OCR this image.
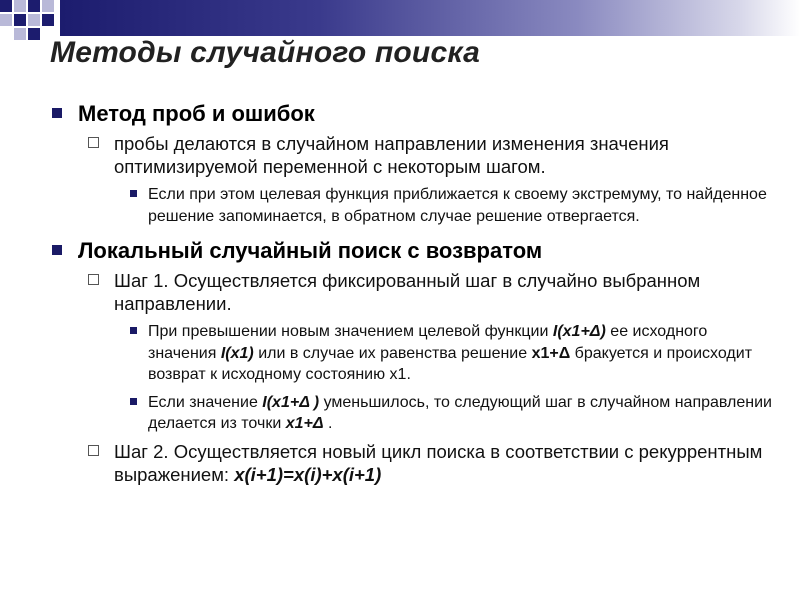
Методы случайного поиска
Метод проб и ошибок
пробы делаются в случайном направлении изменения значения оптимизируемой переменной с некоторым шагом.
Если при этом целевая функция приближается к своему экстремуму, то найденное решение запоминается, в обратном случае решение отвергается.
Локальный случайный поиск с возвратом
Шаг 1. Осуществляется фиксированный шаг в случайно выбранном направлении.
При превышении новым значением целевой функции I(x1+Δ) ее исходного значения I(x1) или в случае их равенства решение x1+Δ бракуется и происходит возврат к исходному состоянию x1.
Если значение I(x1+Δ ) уменьшилось, то следующий шаг в случайном направлении делается из точки x1+Δ .
Шаг 2. Осуществляется новый цикл поиска в соответствии с рекуррентным выражением: x(i+1)=x(i)+x(i+1)
